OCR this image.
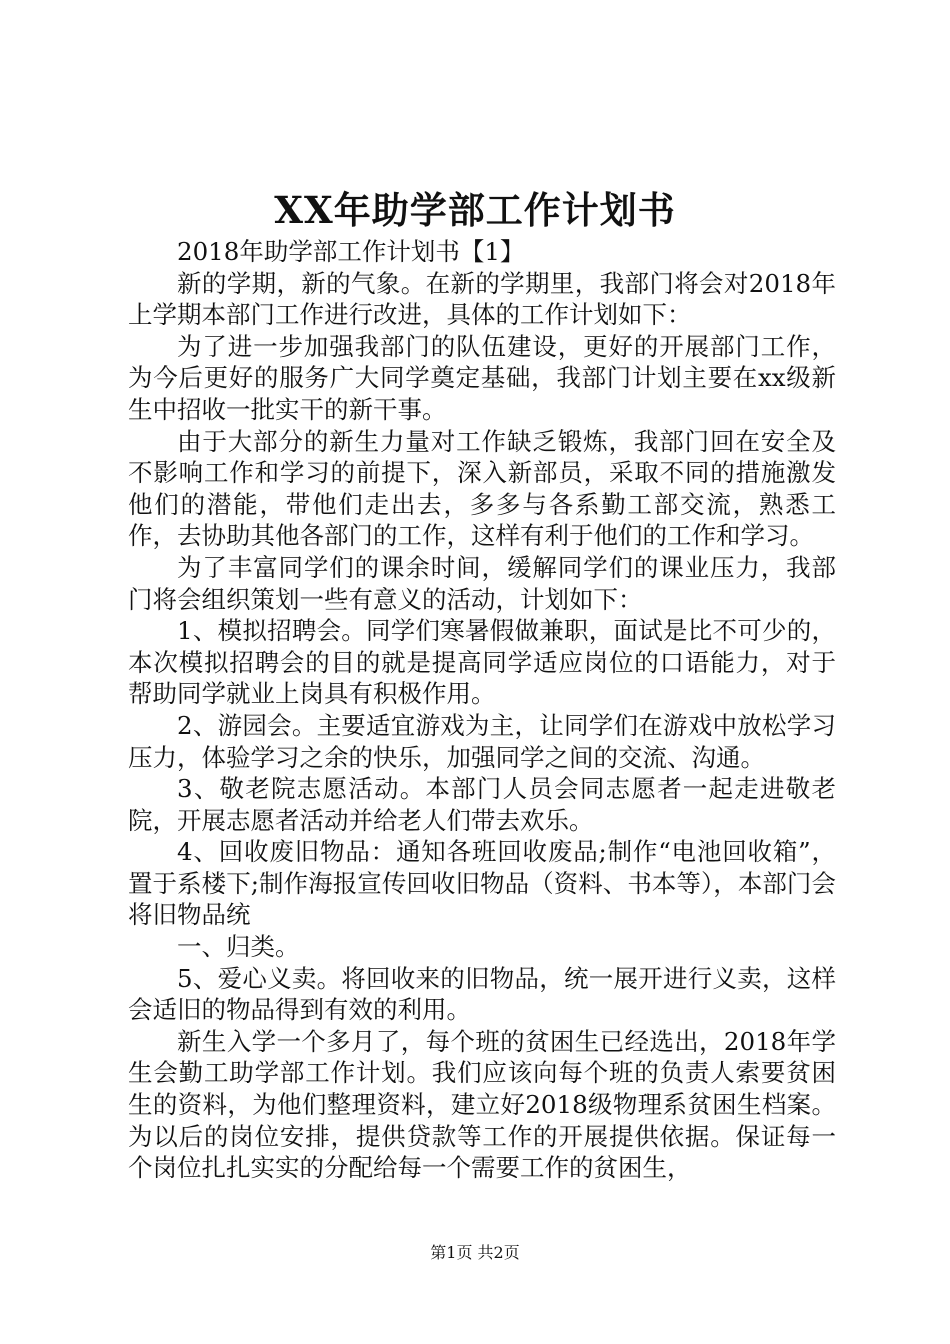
XX年助学部工作计划书

2018年助学部工作计划书【1】

新的学期，新的气象。在新的学期里，我部门将会对2018年上学期本部门工作进行改进，具体的工作计划如下：

为了进一步加强我部门的队伍建设，更好的开展部门工作，为今后更好的服务广大同学奠定基础，我部门计划主要在xx级新生中招收一批实干的新干事。

由于大部分的新生力量对工作缺乏锻炼，我部门回在安全及不影响工作和学习的前提下，深入新部员，采取不同的措施激发他们的潜能，带他们走出去，多多与各系勤工部交流，熟悉工作，去协助其他各部门的工作，这样有利于他们的工作和学习。

为了丰富同学们的课余时间，缓解同学们的课业压力，我部门将会组织策划一些有意义的活动，计划如下：

1、模拟招聘会。同学们寒暑假做兼职，面试是比不可少的，本次模拟招聘会的目的就是提高同学适应岗位的口语能力，对于帮助同学就业上岗具有积极作用。

2、游园会。主要适宜游戏为主，让同学们在游戏中放松学习压力，体验学习之余的快乐，加强同学之间的交流、沟通。

3、敬老院志愿活动。本部门人员会同志愿者一起走进敬老院，开展志愿者活动并给老人们带去欢乐。

4、回收废旧物品：通知各班回收废品;制作“电池回收箱”，置于系楼下;制作海报宣传回收旧物品（资料、书本等），本部门会将旧物品统

一、归类。

5、爱心义卖。将回收来的旧物品，统一展开进行义卖，这样会适旧的物品得到有效的利用。

新生入学一个多月了，每个班的贫困生已经选出，2018年学生会勤工助学部工作计划。我们应该向每个班的负责人索要贫困生的资料，为他们整理资料，建立好2018级物理系贫困生档案。为以后的岗位安排，提供贷款等工作的开展提供依据。保证每一个岗位扎扎实实的分配给每一个需要工作的贫困生，

第1页 共2页
